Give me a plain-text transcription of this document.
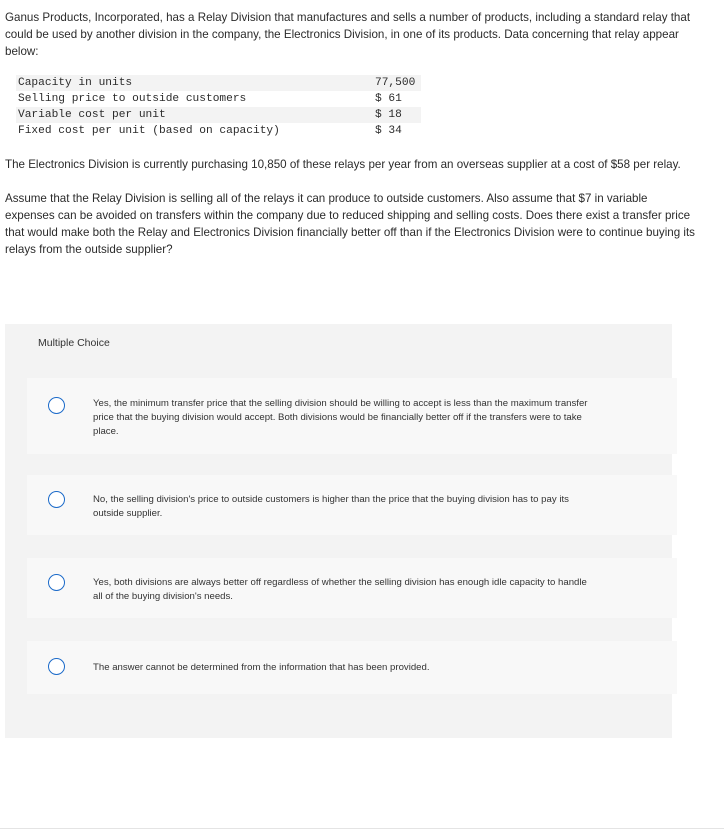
Ganus Products, Incorporated, has a Relay Division that manufactures and sells a number of products, including a standard relay that could be used by another division in the company, the Electronics Division, in one of its products. Data concerning that relay appear below:

Capacity in units	77,500
Selling price to outside customers	$ 61
Variable cost per unit	$ 18
Fixed cost per unit (based on capacity)	$ 34

The Electronics Division is currently purchasing 10,850 of these relays per year from an overseas supplier at a cost of $58 per relay.

Assume that the Relay Division is selling all of the relays it can produce to outside customers. Also assume that $7 in variable expenses can be avoided on transfers within the company due to reduced shipping and selling costs. Does there exist a transfer price that would make both the Relay and Electronics Division financially better off than if the Electronics Division were to continue buying its relays from the outside supplier?

Multiple Choice
Yes, the minimum transfer price that the selling division should be willing to accept is less than the maximum transfer price that the buying division would accept. Both divisions would be financially better off if the transfers were to take place.
No, the selling division's price to outside customers is higher than the price that the buying division has to pay its outside supplier.
Yes, both divisions are always better off regardless of whether the selling division has enough idle capacity to handle all of the buying division's needs.
The answer cannot be determined from the information that has been provided.
